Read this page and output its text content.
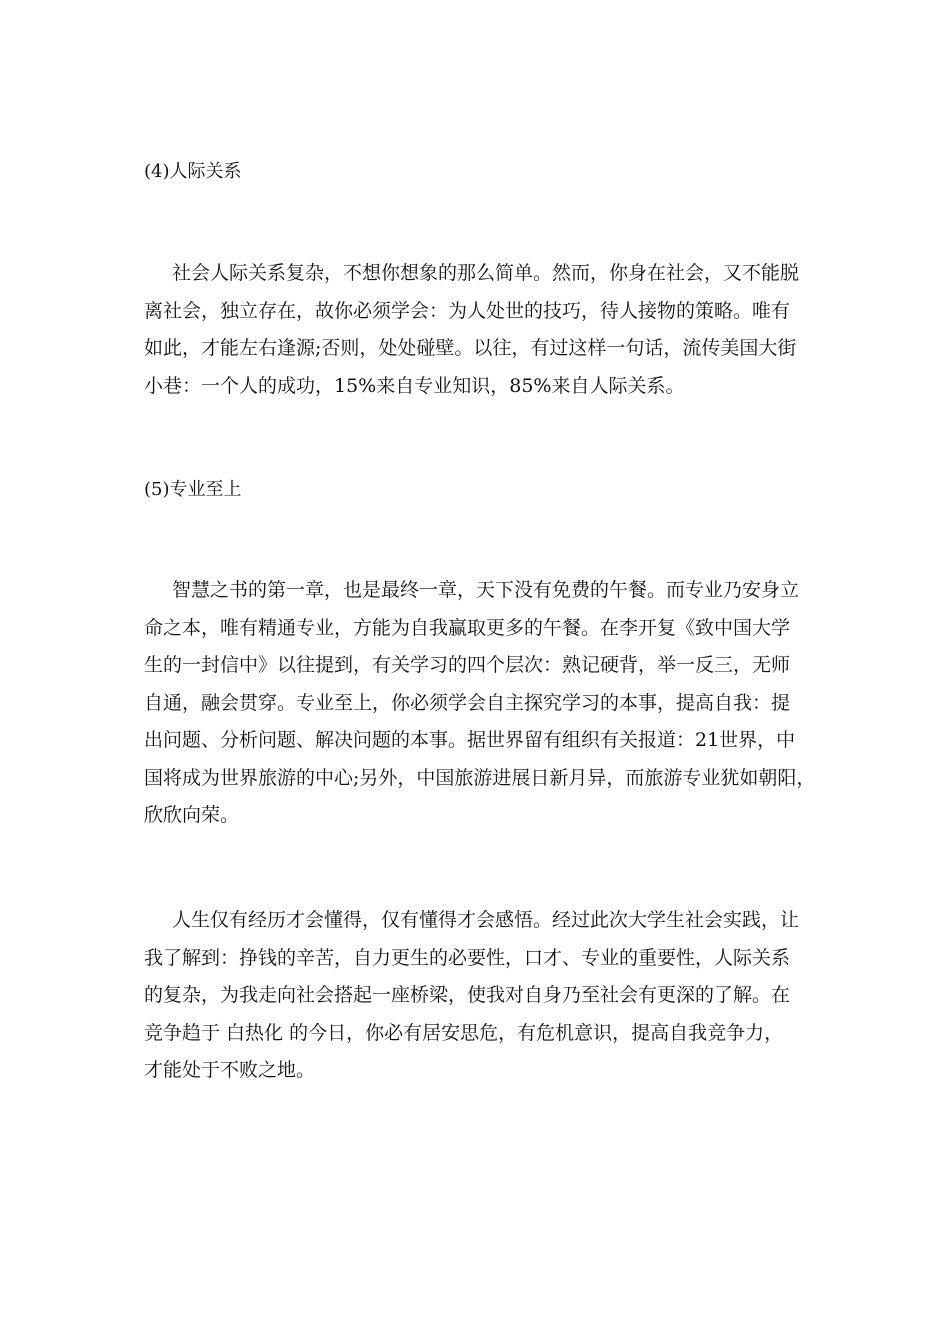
(4)人际关系
社会人际关系复杂，不想你想象的那么简单。然而，你身在社会，又不能脱
离社会，独立存在，故你必须学会：为人处世的技巧，待人接物的策略。唯有
如此，才能左右逢源;否则，处处碰壁。以往，有过这样一句话，流传美国大街
小巷：一个人的成功，15%来自专业知识，85%来自人际关系。
(5)专业至上
智慧之书的第一章，也是最终一章，天下没有免费的午餐。而专业乃安身立
命之本，唯有精通专业，方能为自我赢取更多的午餐。在李开复《致中国大学
生的一封信中》以往提到，有关学习的四个层次：熟记硬背，举一反三，无师
自通，融会贯穿。专业至上，你必须学会自主探究学习的本事，提高自我：提
出问题、分析问题、解决问题的本事。据世界留有组织有关报道：21世界，中
国将成为世界旅游的中心;另外，中国旅游进展日新月异，而旅游专业犹如朝阳，
欣欣向荣。
人生仅有经历才会懂得，仅有懂得才会感悟。经过此次大学生社会实践，让
我了解到：挣钱的辛苦，自力更生的必要性，口才、专业的重要性，人际关系
的复杂，为我走向社会搭起一座桥梁，使我对自身乃至社会有更深的了解。在
竞争趋于 白热化 的今日，你必有居安思危，有危机意识，提高自我竞争力，
才能处于不败之地。
